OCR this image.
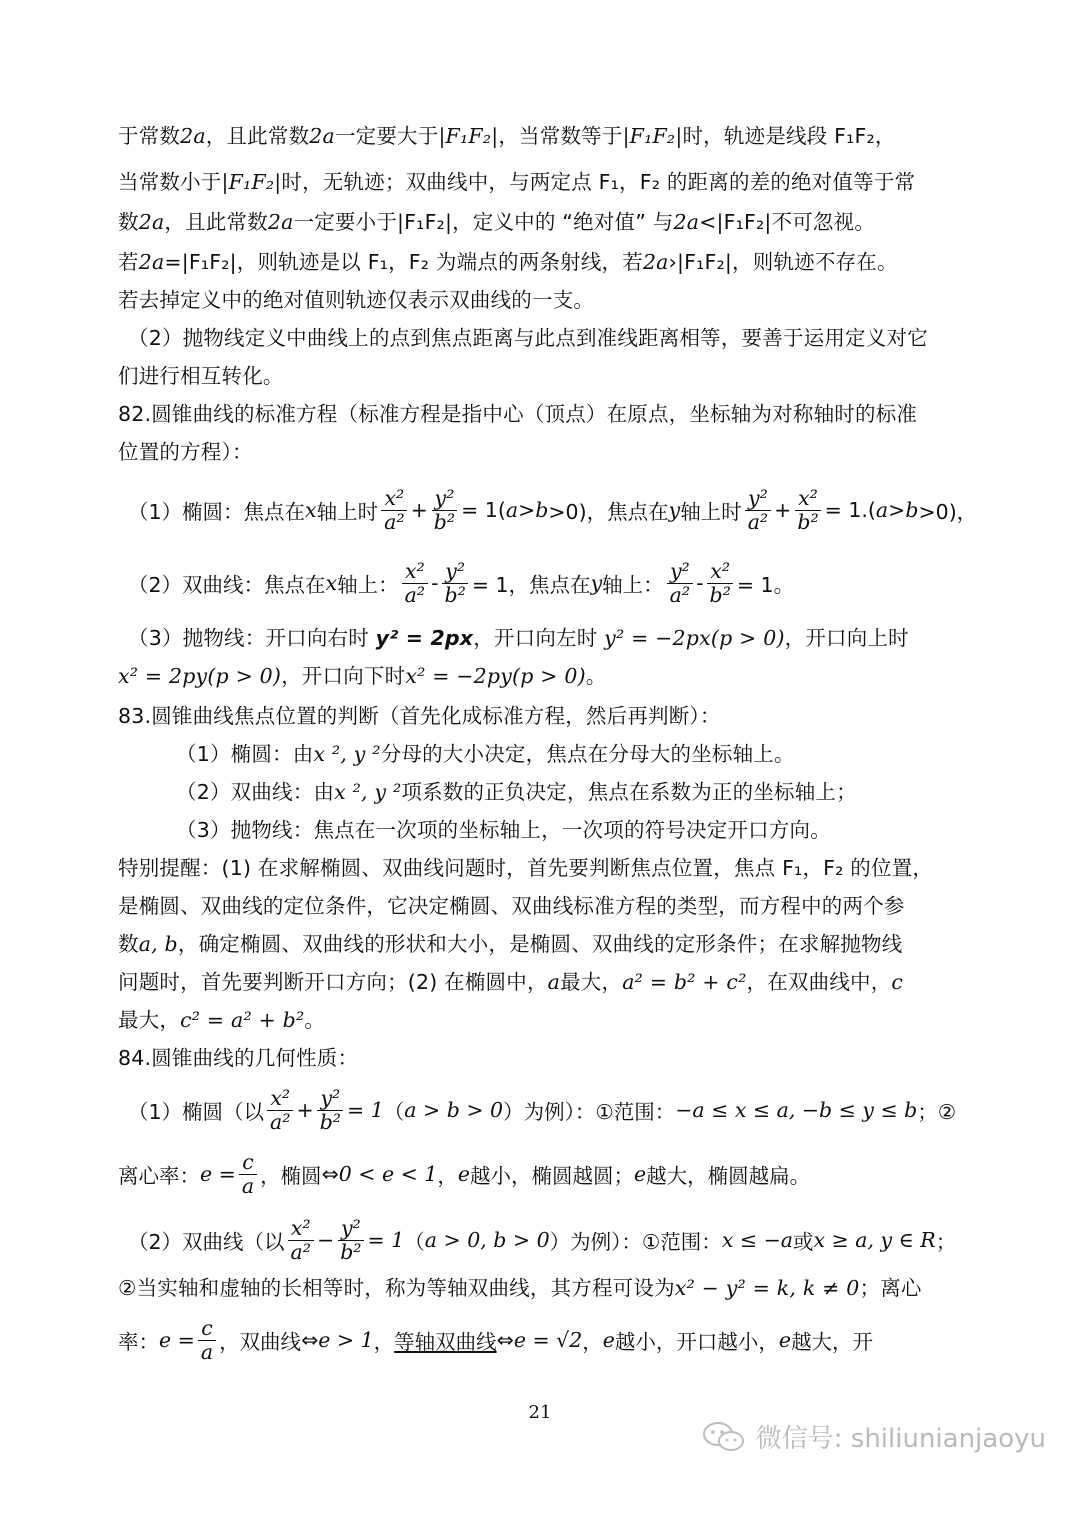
于常数2a，且此常数2a一定要大于|F₁F₂|，当常数等于|F₁F₂|时，轨迹是线段 F₁F₂，
当常数小于|F₁F₂|时，无轨迹；双曲线中，与两定点 F₁，F₂ 的距离的差的绝对值等于常
数2a，且此常数2a一定要小于|F₁F₂|，定义中的 “绝对值” 与2a<|F₁F₂|不可忽视。
若2a=|F₁F₂|，则轨迹是以 F₁，F₂ 为端点的两条射线，若2a›|F₁F₂|，则轨迹不存在。
若去掉定义中的绝对值则轨迹仅表示双曲线的一支。
（2）抛物线定义中曲线上的点到焦点距离与此点到准线距离相等，要善于运用定义对它
们进行相互转化。
82.圆锥曲线的标准方程（标准方程是指中心（顶点）在原点，坐标轴为对称轴时的标准
位置的方程）：
（1）椭圆：焦点在 x 轴上时 $\frac{\text{x²}}{\text{a²}} + \frac{\text{y²}}{\text{b²}} = 1$( a > b >0)，焦点在 y 轴上时 $\frac{\text{y²}}{\text{a²}} + \frac{\text{x²}}{\text{b²}} = 1$.( a > b >0)，
（2）双曲线：焦点在 x 轴上： $\frac{\text{x²}}{\text{a²}} - \frac{\text{y²}}{\text{b²}} = 1$，焦点在 y 轴上： $\frac{\text{y²}}{\text{a²}} - \frac{\text{x²}}{\text{b²}} = 1$。
（3）抛物线：开口向右时 y² = 2px，开口向左时 y² = −2px(p > 0)，开口向上时
x² = 2py(p > 0)，开口向下时x² = −2py(p > 0)。
83.圆锥曲线焦点位置的判断（首先化成标准方程，然后再判断）：
（1）椭圆：由x ², y ²分母的大小决定，焦点在分母大的坐标轴上。
（2）双曲线：由x ², y ²项系数的正负决定，焦点在系数为正的坐标轴上；
（3）抛物线：焦点在一次项的坐标轴上，一次项的符号决定开口方向。
特别提醒：(1) 在求解椭圆、双曲线问题时，首先要判断焦点位置，焦点 F₁，F₂ 的位置，
是椭圆、双曲线的定位条件，它决定椭圆、双曲线标准方程的类型，而方程中的两个参
数a, b，确定椭圆、双曲线的形状和大小，是椭圆、双曲线的定形条件；在求解抛物线
问题时，首先要判断开口方向；(2) 在椭圆中，a最大，a² = b² + c²，在双曲线中，c
最大，c² = a² + b²。
84.圆锥曲线的几何性质：
（1）椭圆（以 $\frac{\text{x²}}{\text{a²}} + \frac{\text{y²}}{\text{b²}} = 1$ （ a > b > 0 ）为例）：①范围： −a ≤ x ≤ a, −b ≤ y ≤ b ；②
离心率： $e = \frac{c}{a}$ ，椭圆 ⇔ 0 < e < 1 ， e 越小，椭圆越圆； e 越大，椭圆越扁。
（2）双曲线（以 $\frac{\text{x²}}{\text{a²}} - \frac{\text{y²}}{\text{b²}} = 1$ （ a > 0, b > 0 ）为例）：①范围： x ≤ −a 或 x ≥ a, y ∈ R ；
②当实轴和虚轴的长相等时，称为等轴双曲线，其方程可设为x² − y² = k, k ≠ 0；离心
率： $e = \frac{c}{a}$ ，双曲线 ⇔ e > 1 ， 等轴双曲线 ⇔ e = √2 ， e 越小，开口越小， e 越大，开
21
微信号: shiliunianjaoyu
